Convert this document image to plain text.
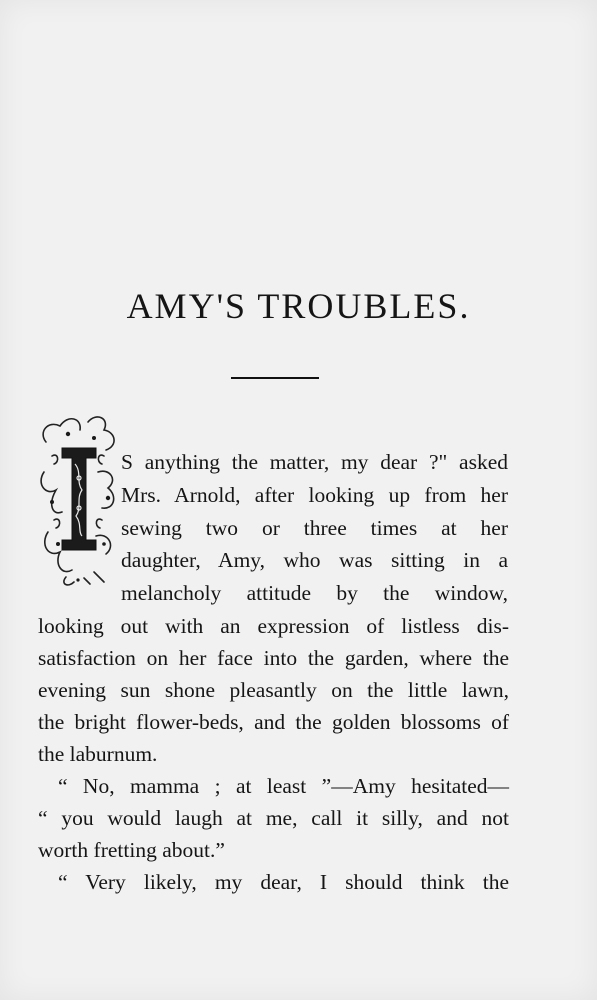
AMY'S TROUBLES.
S anything the matter, my dear ?" asked
Mrs. Arnold, after looking up from her
sewing two or three times at her
daughter, Amy, who was sitting in a
melancholy attitude by the window,
looking out with an expression of listless dis-
satisfaction on her face into the garden, where the
evening sun shone pleasantly on the little lawn,
the bright flower-beds, and the golden blossoms of
the laburnum.
“ No, mamma ; at least ”—Amy hesitated—
“ you would laugh at me, call it silly, and not
worth fretting about.”
“ Very likely, my dear, I should think the
